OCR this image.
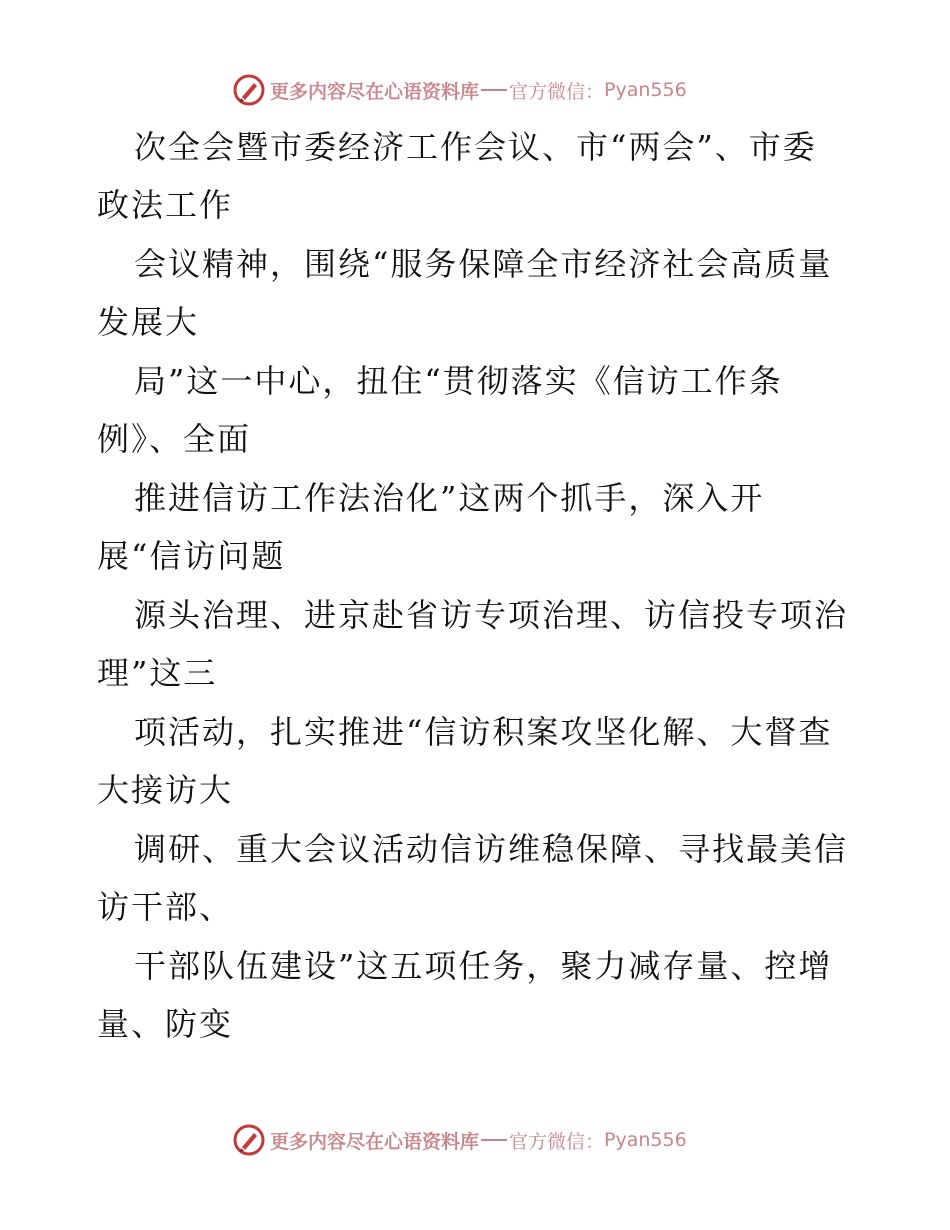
更多内容尽在心语资料库 官方微信： Pyan556
次全会暨市委经济工作会议、市“两会”、市委
政法工作
会议精神，围绕“服务保障全市经济社会高质量
发展大
局”这一中心，扭住“贯彻落实《信访工作条
例》、全面
推进信访工作法治化”这两个抓手，深入开
展“信访问题
源头治理、进京赴省访专项治理、访信投专项治
理”这三
项活动，扎实推进“信访积案攻坚化解、大督查
大接访大
调研、重大会议活动信访维稳保障、寻找最美信
访干部、
干部队伍建设”这五项任务，聚力减存量、控增
量、防变
更多内容尽在心语资料库 官方微信： Pyan556
